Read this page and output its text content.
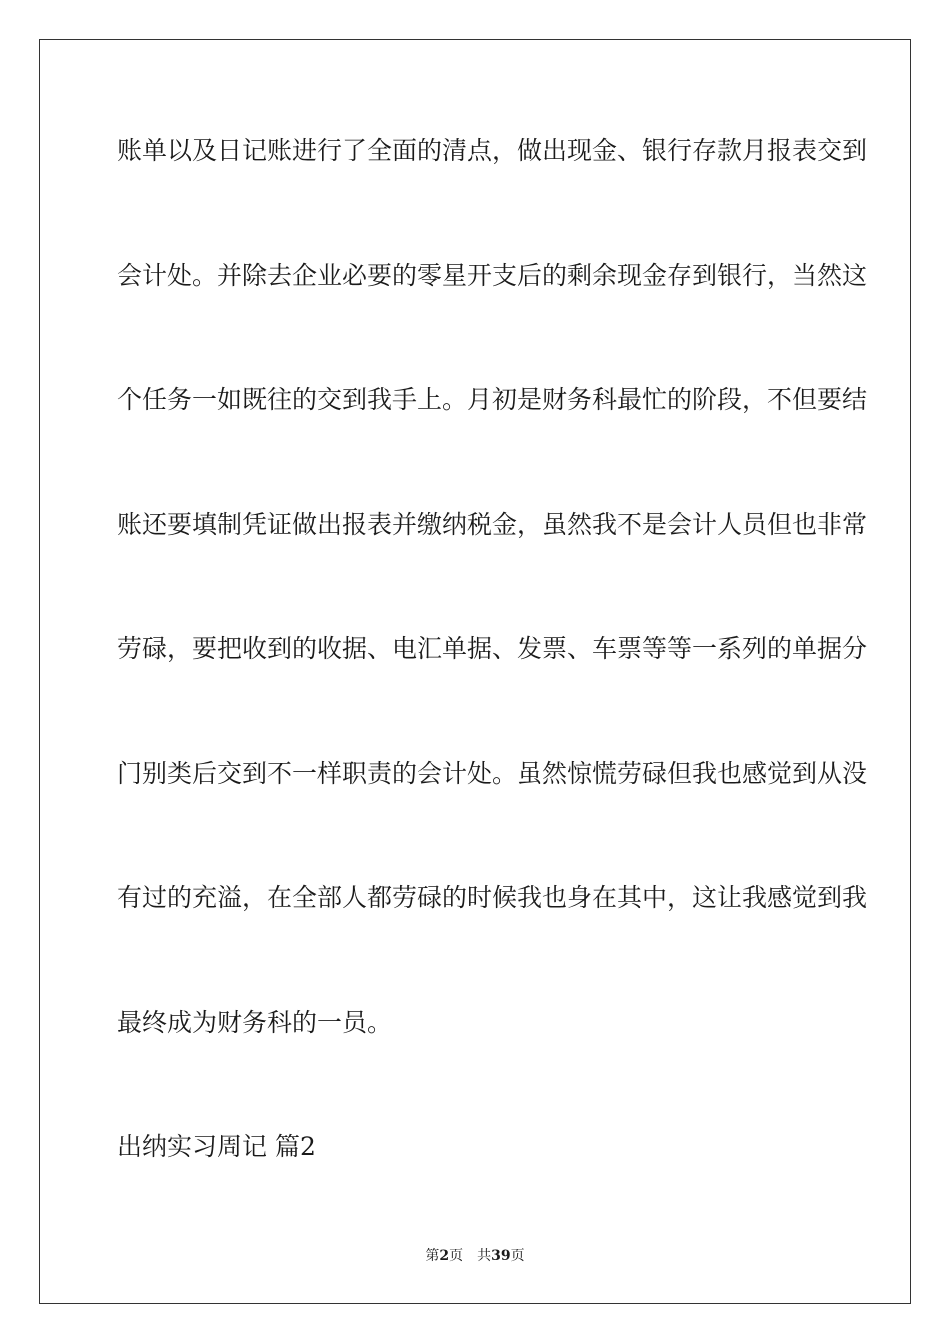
账单以及日记账进行了全面的清点，做出现金、银行存款月报表交到
会计处。并除去企业必要的零星开支后的剩余现金存到银行，当然这
个任务一如既往的交到我手上。月初是财务科最忙的阶段，不但要结
账还要填制凭证做出报表并缴纳税金，虽然我不是会计人员但也非常
劳碌，要把收到的收据、电汇单据、发票、车票等等一系列的单据分
门别类后交到不一样职责的会计处。虽然惊慌劳碌但我也感觉到从没
有过的充溢，在全部人都劳碌的时候我也身在其中，这让我感觉到我
最终成为财务科的一员。
出纳实习周记 篇2
第2页 共39页
